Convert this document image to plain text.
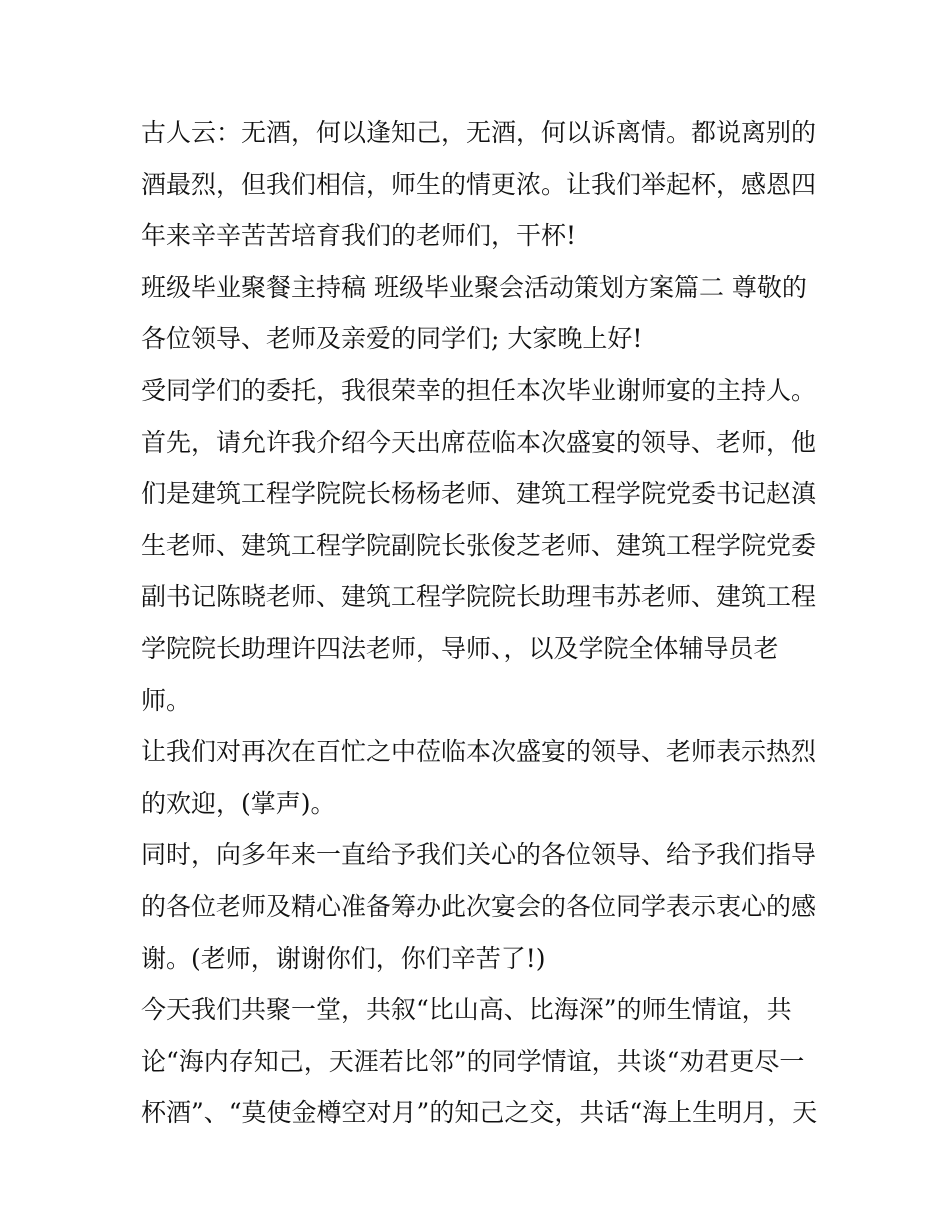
古人云：无酒，何以逢知己，无酒，何以诉离情。都说离别的
酒最烈，但我们相信，师生的情更浓。让我们举起杯，感恩四
年来辛辛苦苦培育我们的老师们，干杯!
班级毕业聚餐主持稿 班级毕业聚会活动策划方案篇二 尊敬的
各位领导、老师及亲爱的同学们; 大家晚上好!
受同学们的委托，我很荣幸的担任本次毕业谢师宴的主持人。
首先，请允许我介绍今天出席莅临本次盛宴的领导、老师，他
们是建筑工程学院院长杨杨老师、建筑工程学院党委书记赵滇
生老师、建筑工程学院副院长张俊芝老师、建筑工程学院党委
副书记陈晓老师、建筑工程学院院长助理韦苏老师、建筑工程
学院院长助理许四法老师，导师、，以及学院全体辅导员老
师。
让我们对再次在百忙之中莅临本次盛宴的领导、老师表示热烈
的欢迎，(掌声)。
同时，向多年来一直给予我们关心的各位领导、给予我们指导
的各位老师及精心准备筹办此次宴会的各位同学表示衷心的感
谢。(老师，谢谢你们，你们辛苦了!)
今天我们共聚一堂，共叙“比山高、比海深”的师生情谊，共
论“海内存知己，天涯若比邻”的同学情谊，共谈“劝君更尽一
杯酒”、“莫使金樽空对月”的知己之交，共话“海上生明月，天
